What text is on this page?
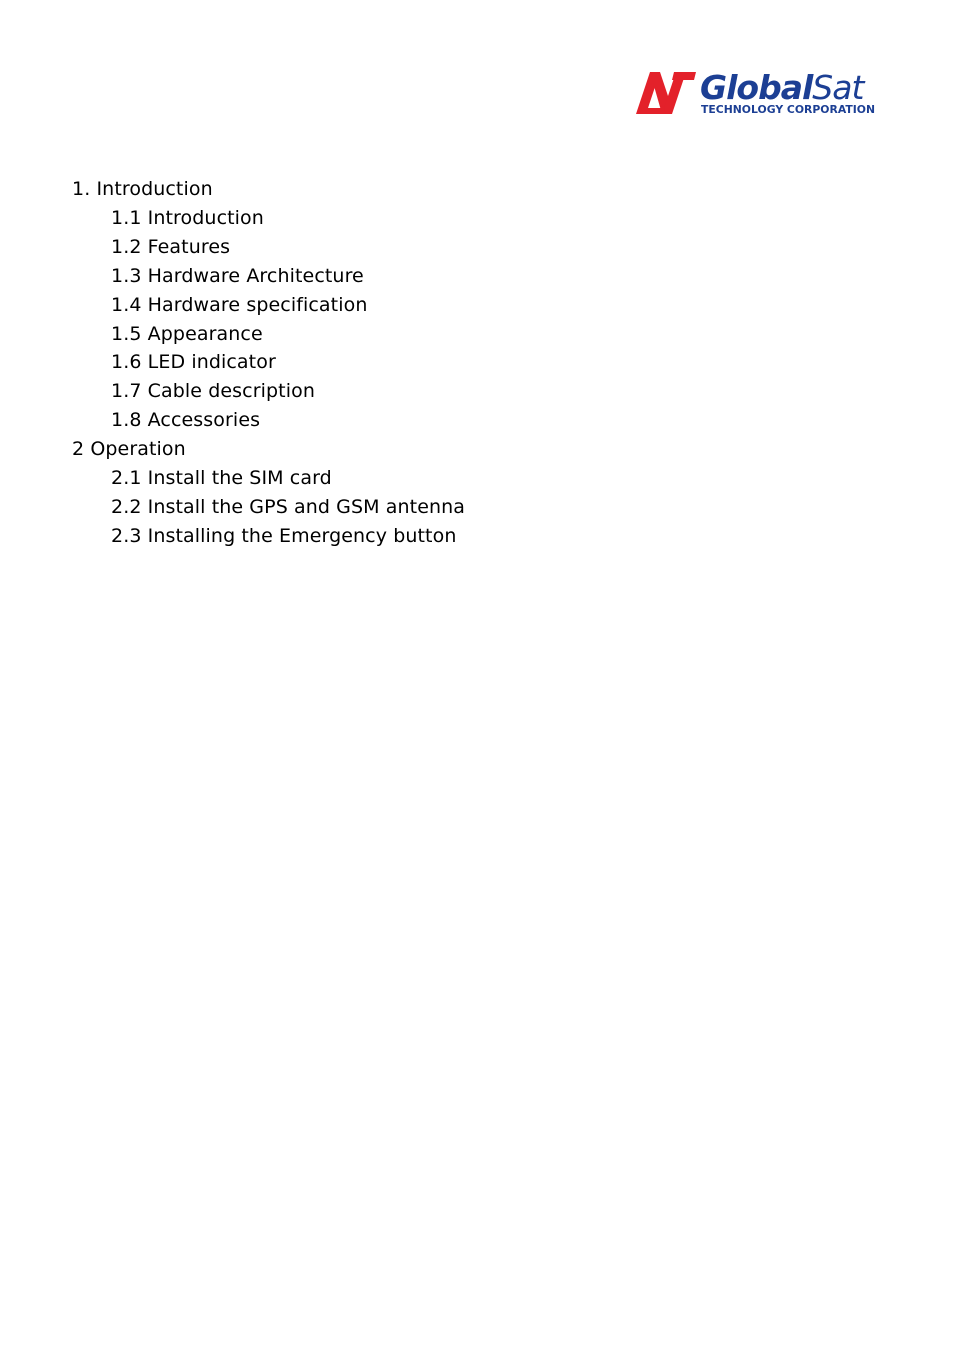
GlobalSat
TECHNOLOGY CORPORATION
1. Introduction
1.1 Introduction
1.2 Features
1.3 Hardware Architecture
1.4 Hardware specification
1.5 Appearance
1.6 LED indicator
1.7 Cable description
1.8 Accessories
2 Operation
2.1 Install the SIM card
2.2 Install the GPS and GSM antenna
2.3 Installing the Emergency button
